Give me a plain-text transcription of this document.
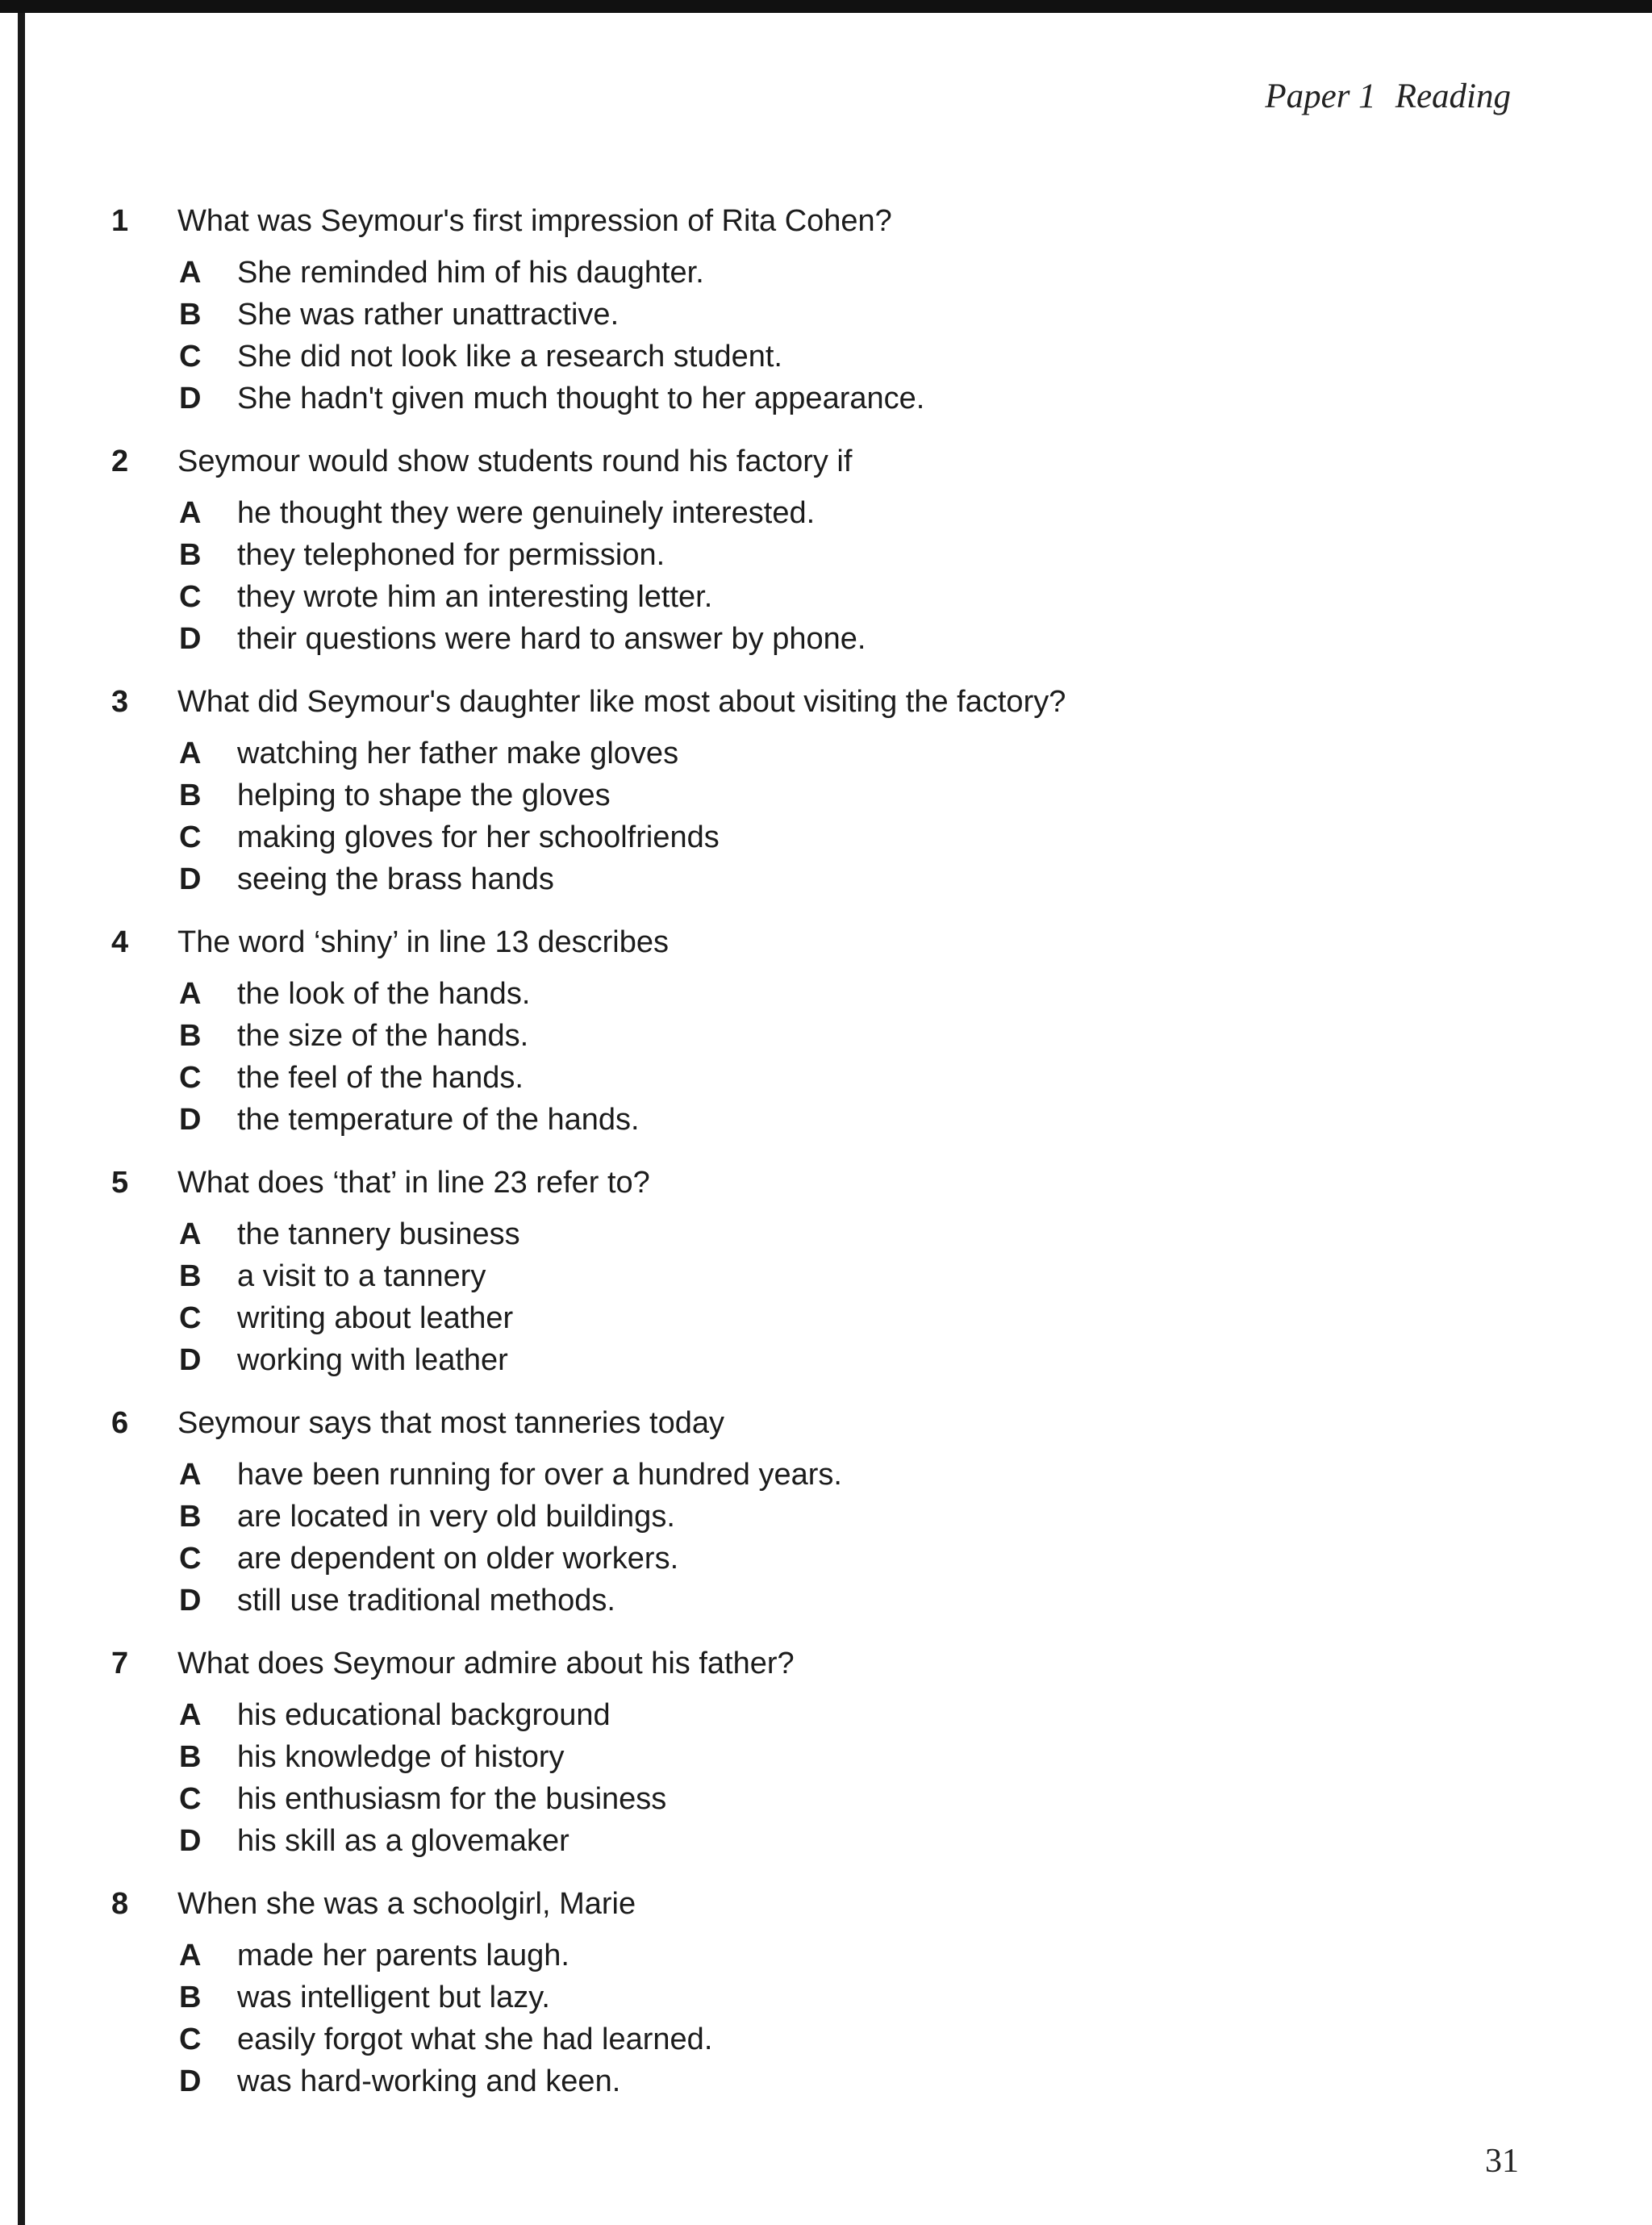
Paper 1 Reading
1	What was Seymour's first impression of Rita Cohen?
A She reminded him of his daughter.
B She was rather unattractive.
C She did not look like a research student.
D She hadn't given much thought to her appearance.
2	Seymour would show students round his factory if
A he thought they were genuinely interested.
B they telephoned for permission.
C they wrote him an interesting letter.
D their questions were hard to answer by phone.
3	What did Seymour's daughter like most about visiting the factory?
A watching her father make gloves
B helping to shape the gloves
C making gloves for her schoolfriends
D seeing the brass hands
4	The word ‘shiny’ in line 13 describes
A the look of the hands.
B the size of the hands.
C the feel of the hands.
D the temperature of the hands.
5	What does ‘that’ in line 23 refer to?
A the tannery business
B a visit to a tannery
C writing about leather
D working with leather
6	Seymour says that most tanneries today
A have been running for over a hundred years.
B are located in very old buildings.
C are dependent on older workers.
D still use traditional methods.
7	What does Seymour admire about his father?
A his educational background
B his knowledge of history
C his enthusiasm for the business
D his skill as a glovemaker
8	When she was a schoolgirl, Marie
A made her parents laugh.
B was intelligent but lazy.
C easily forgot what she had learned.
D was hard-working and keen.
31
